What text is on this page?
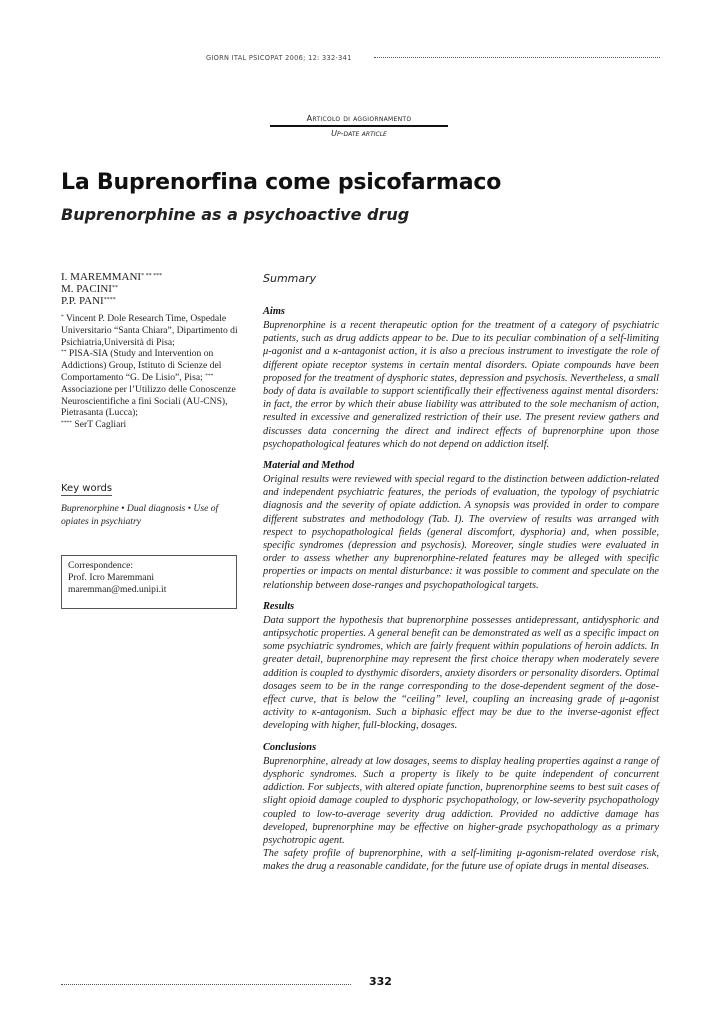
GIORN ITAL PSICOPAT 2006; 12: 332-341
Articolo di aggiornamento
Up-date article
La Buprenorfina come psicofarmaco
Buprenorphine as a psychoactive drug
I. MAREMMANI* ** ***
M. PACINI**
P.P. PANI****
* Vincent P. Dole Research Time, Ospedale Universitario “Santa Chiara”, Dipartimento di Psichiatria,Università di Pisa;
** PISA-SIA (Study and Intervention on Addictions) Group, Istituto di Scienze del Comportamento “G. De Lisio”, Pisa; *** Associazione per l’Utilizzo delle Conoscenze Neuroscientifiche a fini Sociali (AU-CNS), Pietrasanta (Lucca);
**** SerT Cagliari
Key words
Buprenorphine • Dual diagnosis • Use of opiates in psychiatry
Correspondence:
Prof. Icro Maremmani
maremman@med.unipi.it
Summary
Aims

Buprenorphine is a recent therapeutic option for the treatment of a category of psychiatric patients, such as drug addicts appear to be. Due to its peculiar combination of a self-limiting μ-agonist and a κ-antagonist action, it is also a precious instrument to investigate the role of different opiate receptor systems in certain mental disorders. Opiate compounds have been proposed for the treatment of dysphoric states, depression and psychosis. Nevertheless, a small body of data is available to support scientifically their effectiveness against mental disorders: in fact, the error by which their abuse liability was attributed to the sole mechanism of action, resulted in excessive and generalized restriction of their use. The present review gathers and discusses data concerning the direct and indirect effects of buprenorphine upon those psychopathological features which do not depend on addiction itself.

Material and Method

Original results were reviewed with special regard to the distinction between addiction-related and independent psychiatric features, the periods of evaluation, the typology of psychiatric diagnosis and the severity of opiate addiction. A synopsis was provided in order to compare different substrates and methodology (Tab. I). The overview of results was arranged with respect to psychopathological fields (general discomfort, dysphoria) and, when possible, specific syndromes (depression and psychosis). Moreover, single studies were evaluated in order to assess whether any buprenorphine-related features may be alleged with specific properties or impacts on mental disturbance: it was possible to comment and speculate on the relationship between dose-ranges and psychopathological targets.

Results

Data support the hypothesis that buprenorphine possesses antidepressant, antidysphoric and antipsychotic properties. A general benefit can be demonstrated as well as a specific impact on some psychiatric syndromes, which are fairly frequent within populations of heroin addicts. In greater detail, buprenorphine may represent the first choice therapy when moderately severe addition is coupled to dysthymic disorders, anxiety disorders or personality disorders. Optimal dosages seem to be in the range corresponding to the dose-dependent segment of the dose-effect curve, that is below the “ceiling” level, coupling an increasing grade of μ-agonist activity to κ-antagonism. Such a biphasic effect may be due to the inverse-agonist effect developing with higher, full-blocking, dosages.

Conclusions

Buprenorphine, already at low dosages, seems to display healing properties against a range of dysphoric syndromes. Such a property is likely to be quite independent of concurrent addiction. For subjects, with altered opiate function, buprenorphine seems to best suit cases of slight opioid damage coupled to dysphoric psychopathology, or low-severity psychopathology coupled to low-to-average severity drug addiction. Provided no addictive damage has developed, buprenorphine may be effective on higher-grade psychopathology as a primary psychotropic agent.

The safety profile of buprenorphine, with a self-limiting μ-agonism-related overdose risk, makes the drug a reasonable candidate, for the future use of opiate drugs in mental diseases.

332
